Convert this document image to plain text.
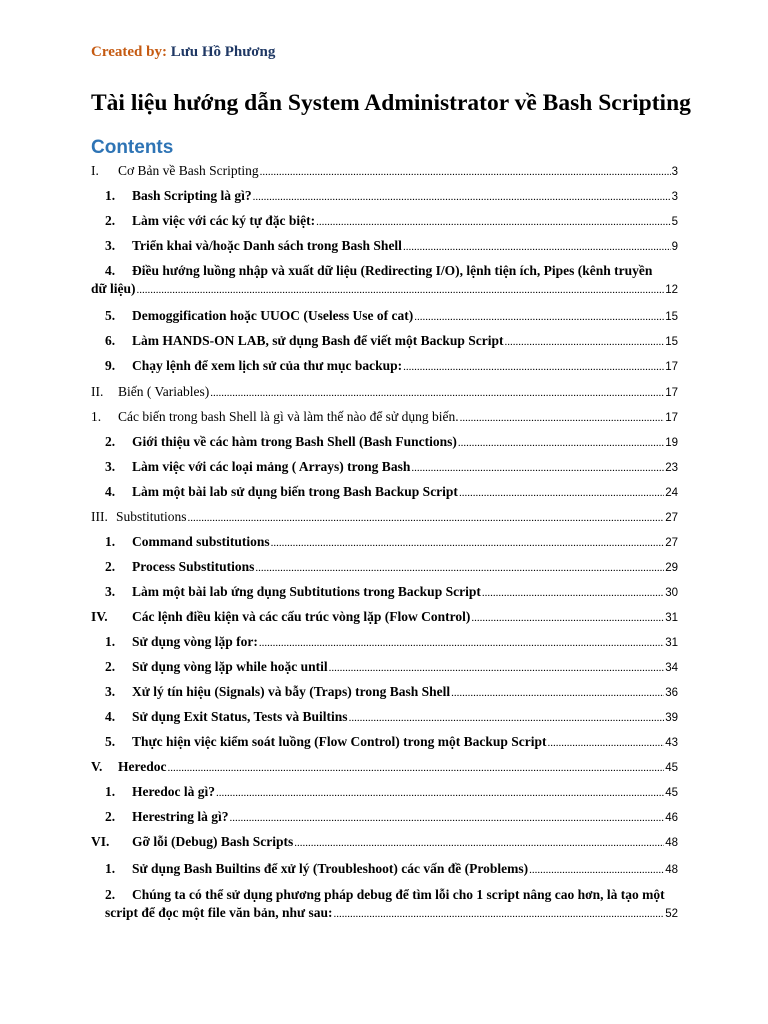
Created by: Lưu Hồ Phương
Tài liệu hướng dẫn System Administrator về Bash Scripting
Contents
I.	Cơ Bản về Bash Scripting .....	3
1.	Bash Scripting là gì? .....	3
2.	Làm việc với các ký tự đặc biệt: .....	5
3.	Triển khai và/hoặc Danh sách trong Bash Shell .....	9
4. Điều hướng luồng nhập và xuất dữ liệu (Redirecting I/O), lệnh tiện ích, Pipes (kênh truyền
dữ liệu) .....	12
5.	Demoggification hoặc UUOC (Useless Use of cat) .....	15
6.	Làm HANDS-ON LAB, sử dụng Bash để viết một Backup Script .....	15
9.	Chạy lệnh để xem lịch sử của thư mục backup: .....	17
II.	Biến ( Variables) .....	17
1.	Các biến trong bash Shell là gì và làm thế nào để sử dụng biến. .....	17
2.	Giới thiệu về các hàm trong Bash Shell (Bash Functions) .....	19
3.	Làm việc với các loại mảng ( Arrays) trong Bash .....	23
4.	Làm một bài lab sử dụng biến trong Bash Backup Script .....	24
III. Substitutions .....	27
1.	Command substitutions .....	27
2.	Process Substitutions .....	29
3.	Làm một bài lab ứng dụng Subtitutions trong Backup Script .....	30
IV.	Các lệnh điều kiện và các cấu trúc vòng lặp (Flow Control) .....	31
1.	Sử dụng vòng lặp for: .....	31
2.	Sử dụng vòng lặp while hoặc until .....	34
3.	Xử lý tín hiệu (Signals) và bẫy (Traps) trong Bash Shell .....	36
4.	Sử dụng Exit Status, Tests và Builtins .....	39
5.	Thực hiện việc kiểm soát luồng (Flow Control) trong một Backup Script .....	43
V.	Heredoc .....	45
1.	Heredoc là gì? .....	45
2.	Herestring là gì? .....	46
VI.	Gỡ lỗi (Debug) Bash Scripts .....	48
1.	Sử dụng Bash Builtins để xử lý (Troubleshoot) các vấn đề (Problems) .....	48
2. Chúng ta có thể sử dụng phương pháp debug để tìm lỗi cho 1 script nâng cao hơn, là tạo một
script để đọc một file văn bản, như sau: .....	52
